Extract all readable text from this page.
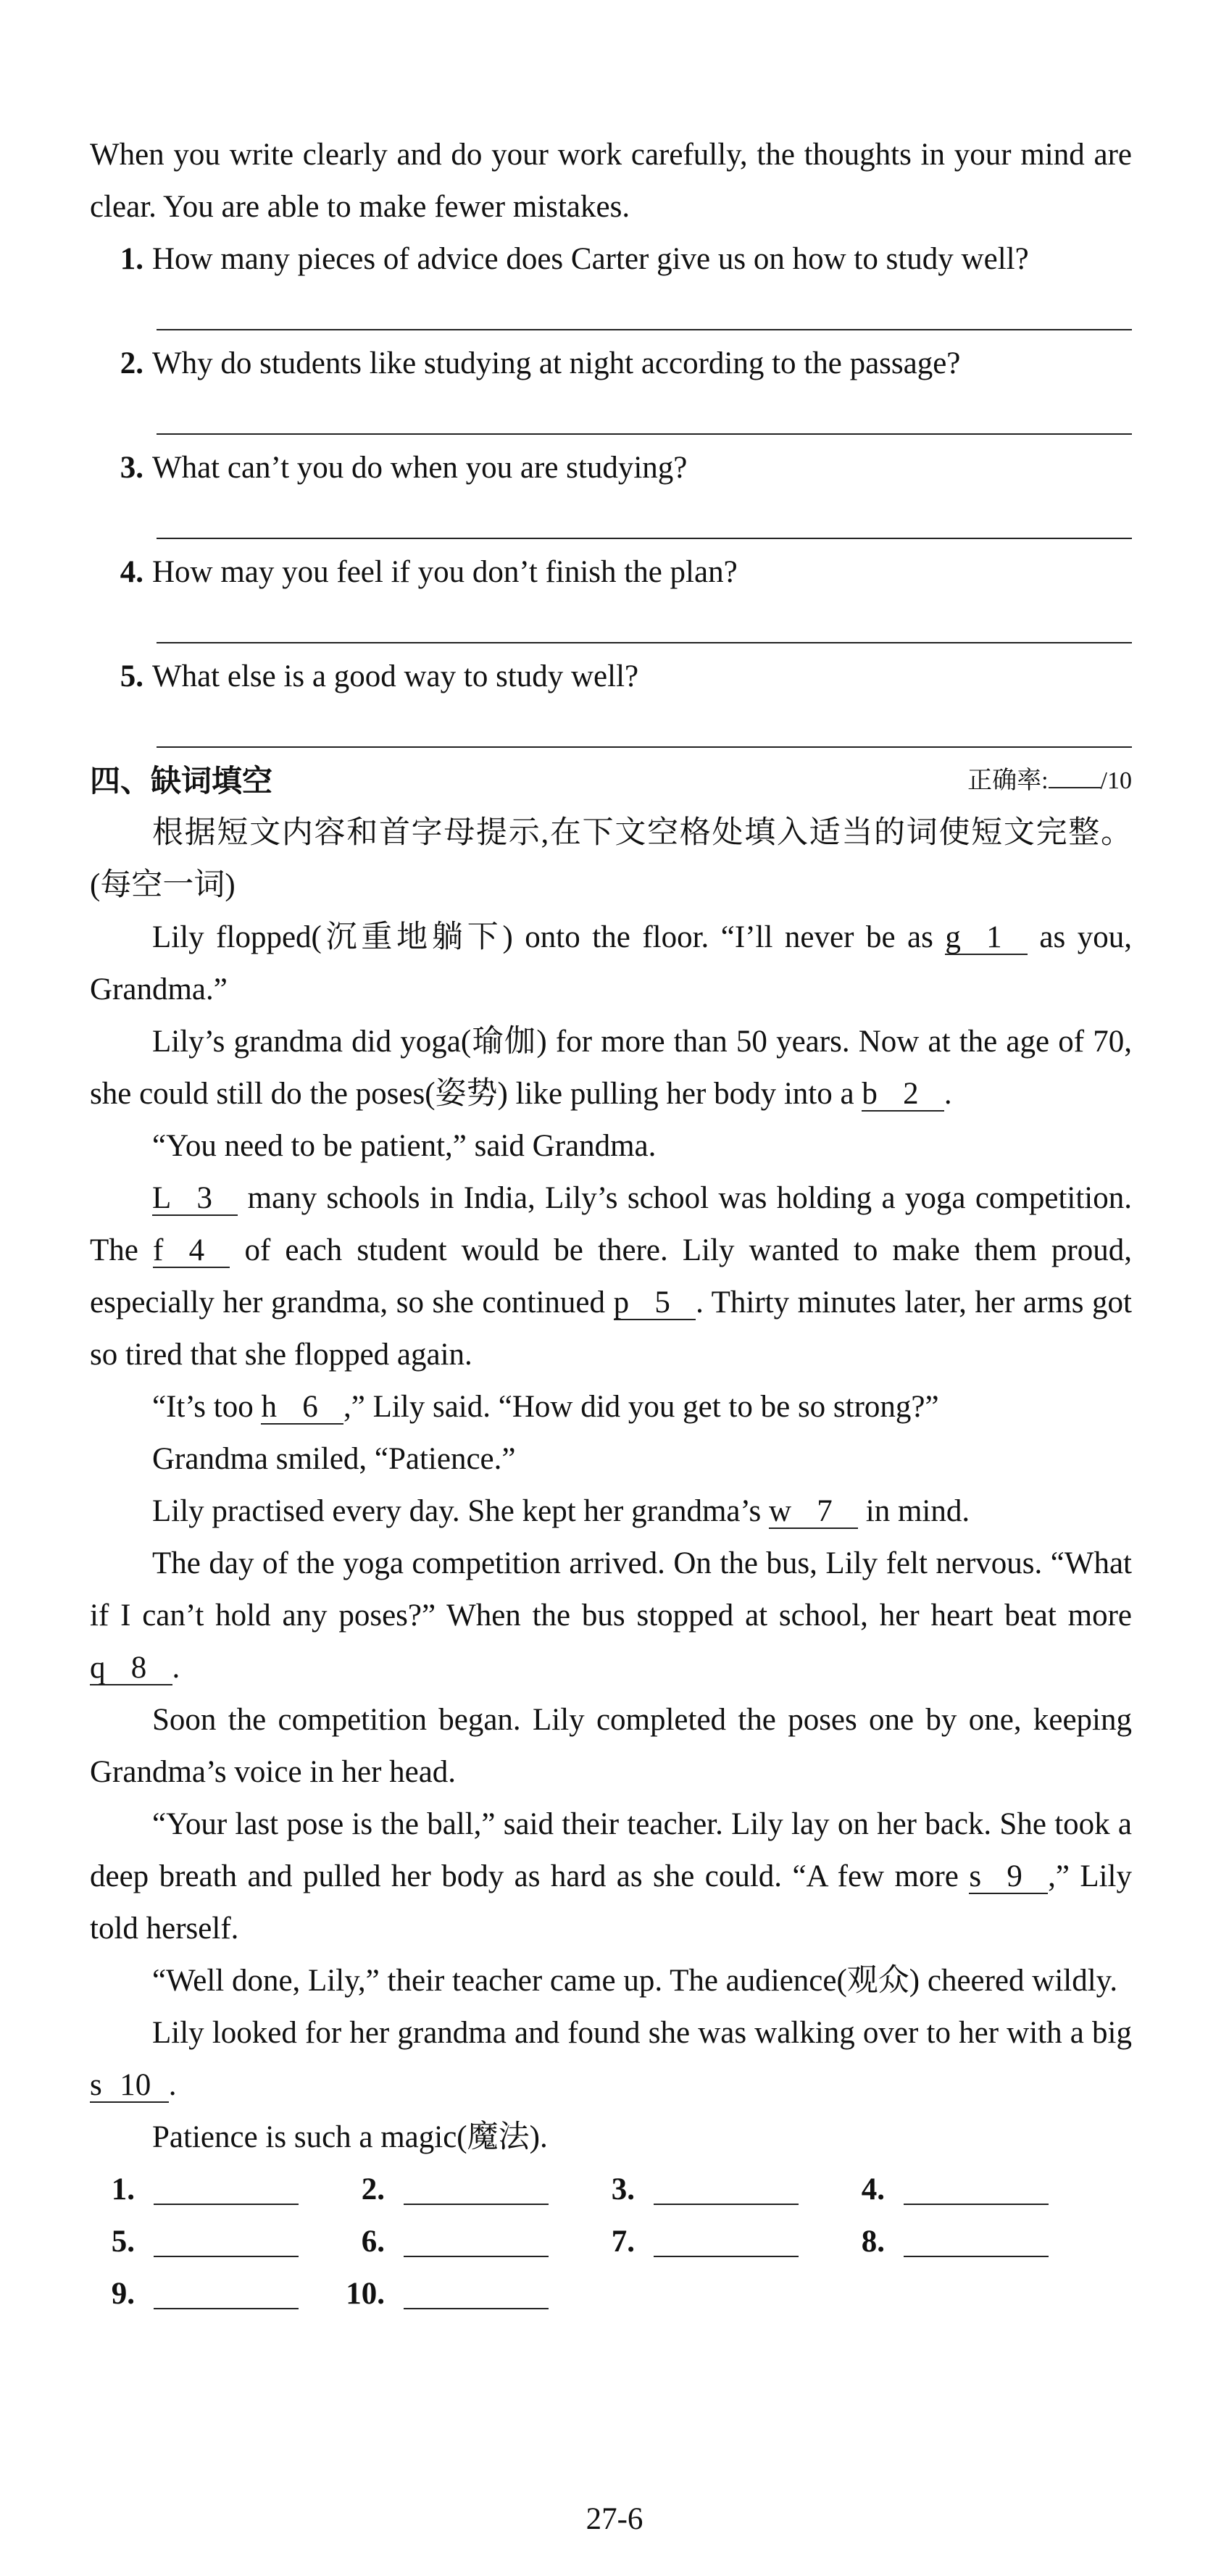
When you write clearly and do your work carefully, the thoughts in your mind are clear. You are able to make fewer mistakes.

1. How many pieces of advice does Carter give us on how to study well?
2. Why do students like studying at night according to the passage?
3. What can’t you do when you are studying?
4. How may you feel if you don’t finish the plan?
5. What else is a good way to study well?
四、缺词填空	正确率: /10

根据短文内容和首字母提示,在下文空格处填入适当的词使短文完整。(每空一词)

Lily flopped(沉重地躺下) onto the floor. “I’ll never be as g 1 as you, Grandma.”

Lily’s grandma did yoga(瑜伽) for more than 50 years. Now at the age of 70, she could still do the poses(姿势) like pulling her body into a b 2 .

“You need to be patient,” said Grandma.

L 3 many schools in India, Lily’s school was holding a yoga competition. The f 4 of each student would be there. Lily wanted to make them proud, especially her grandma, so she continued p 5 . Thirty minutes later, her arms got so tired that she flopped again.

“It’s too h 6 ,” Lily said. “How did you get to be so strong?”

Grandma smiled, “Patience.”

Lily practised every day. She kept her grandma’s w 7 in mind.

The day of the yoga competition arrived. On the bus, Lily felt nervous. “What if I can’t hold any poses?” When the bus stopped at school, her heart beat more q 8 .

Soon the competition began. Lily completed the poses one by one, keeping Grandma’s voice in her head.

“Your last pose is the ball,” said their teacher. Lily lay on her back. She took a deep breath and pulled her body as hard as she could. “A few more s 9 ,” Lily told herself.

“Well done, Lily,” their teacher came up. The audience(观众) cheered wildly.

Lily looked for her grandma and found she was walking over to her with a big s 10 .

Patience is such a magic(魔法).

1.	2.	3.	4.
5.	6.	7.	8.
9.	10.
27-6
